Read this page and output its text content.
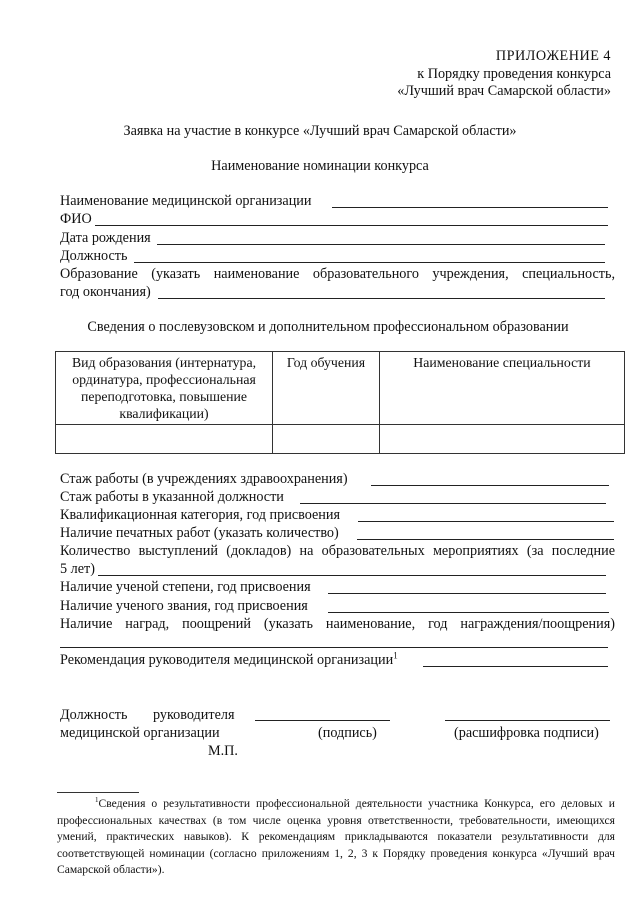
ПРИЛОЖЕНИЕ 4
к Порядку проведения конкурса
«Лучший врач Самарской области»
Заявка на участие в конкурсе «Лучший врач Самарской области»
Наименование номинации конкурса
Наименование медицинской организации
ФИО
Дата рождения
Должность
Образование (указать наименование образовательного учреждения, специальность,
год окончания)
Сведения о послевузовском и дополнительном профессиональном образовании
Вид образования (интернатура, ординатура, профессиональная переподготовка, повышение квалификации)	Год обучения	Наименование специальности

Стаж работы (в учреждениях здравоохранения)
Стаж работы в указанной должности
Квалификационная категория, год присвоения
Наличие печатных работ (указать количество)
Количество выступлений (докладов) на образовательных мероприятиях (за последние
5 лет)
Наличие ученой степени, год присвоения
Наличие ученого звания, год присвоения
Наличие наград, поощрений (указать наименование, год награждения/поощрения)
Рекомендация руководителя медицинской организации$^1$
Должность руководителя
медицинской организации	(подпись)	(расшифровка подписи)
М.П.
$^1$Сведения о результативности профессиональной деятельности участника Конкурса, его деловых и профессиональных качествах (в том числе оценка уровня ответственности, требовательности, имеющихся умений, практических навыков). К рекомендациям прикладываются показатели результативности для соответствующей номинации (согласно приложениям 1, 2, 3 к Порядку проведения конкурса «Лучший врач Самарской области»).
